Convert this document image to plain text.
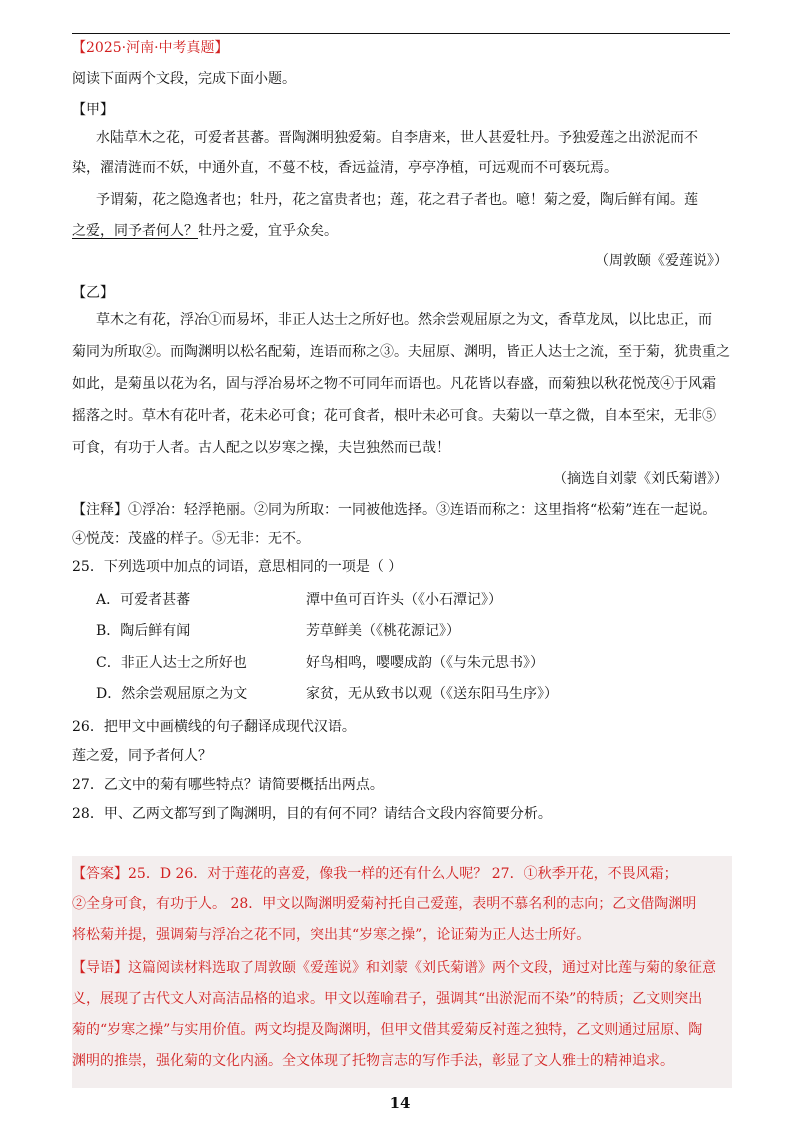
【2025·河南·中考真题】
阅读下面两个文段，完成下面小题。
【甲】
水陆草木之花，可爱者甚蕃。晋陶渊明独爱菊。自李唐来，世人甚爱牡丹。予独爱莲之出淤泥而不
染，濯清涟而不妖，中通外直，不蔓不枝，香远益清，亭亭净植，可远观而不可亵玩焉。
予谓菊，花之隐逸者也；牡丹，花之富贵者也；莲，花之君子者也。噫！菊之爱，陶后鲜有闻。莲
之爱，同予者何人？牡丹之爱，宜乎众矣。
（周敦颐《爱莲说》）
【乙】
草木之有花，浮冶①而易坏，非正人达士之所好也。然余尝观屈原之为文，香草龙凤，以比忠正，而
菊同为所取②。而陶渊明以松名配菊，连语而称之③。夫屈原、渊明，皆正人达士之流，至于菊，犹贵重之
如此，是菊虽以花为名，固与浮冶易坏之物不可同年而语也。凡花皆以春盛，而菊独以秋花悦茂④于风霜
摇落之时。草木有花叶者，花未必可食；花可食者，根叶未必可食。夫菊以一草之微，自本至宋，无非⑤
可食，有功于人者。古人配之以岁寒之操，夫岂独然而已哉！
（摘选自刘蒙《刘氏菊谱》）
【注释】①浮冶：轻浮艳丽。②同为所取：一同被他选择。③连语而称之：这里指将“松菊”连在一起说。
④悦茂：茂盛的样子。⑤无非：无不。
25．下列选项中加点的词语，意思相同的一项是（ ）
A．可爱者甚蕃	潭中鱼可百许头（《小石潭记》）
B．陶后鲜有闻	芳草鲜美（《桃花源记》）
C．非正人达士之所好也	好鸟相鸣，嘤嘤成韵（《与朱元思书》）
D．然余尝观屈原之为文	家贫，无从致书以观（《送东阳马生序》）
26．把甲文中画横线的句子翻译成现代汉语。
莲之爱，同予者何人？
27．乙文中的菊有哪些特点？请简要概括出两点。
28．甲、乙两文都写到了陶渊明，目的有何不同？请结合文段内容简要分析。
【答案】25．D 26．对于莲花的喜爱，像我一样的还有什么人呢？ 27．①秋季开花，不畏风霜；
②全身可食，有功于人。 28．甲文以陶渊明爱菊衬托自己爱莲，表明不慕名利的志向；乙文借陶渊明
将松菊并提，强调菊与浮冶之花不同，突出其“岁寒之操”，论证菊为正人达士所好。
【导语】这篇阅读材料选取了周敦颐《爱莲说》和刘蒙《刘氏菊谱》两个文段，通过对比莲与菊的象征意
义，展现了古代文人对高洁品格的追求。甲文以莲喻君子，强调其“出淤泥而不染”的特质；乙文则突出
菊的“岁寒之操”与实用价值。两文均提及陶渊明，但甲文借其爱菊反衬莲之独特，乙文则通过屈原、陶
渊明的推崇，强化菊的文化内涵。全文体现了托物言志的写作手法，彰显了文人雅士的精神追求。
14
